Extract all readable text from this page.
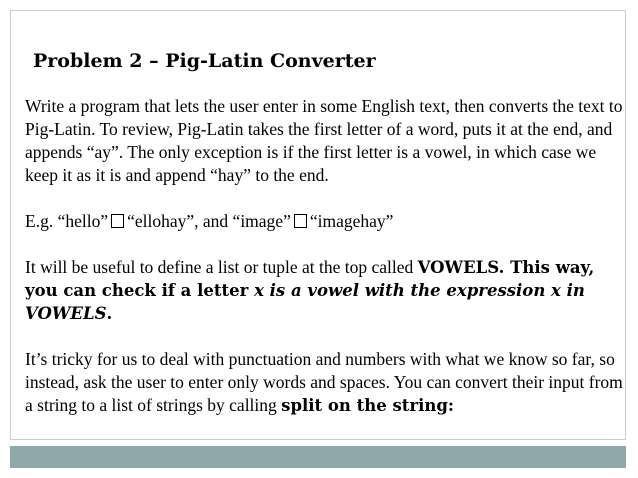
Problem 2 – Pig-Latin Converter

Write a program that lets the user enter in some English text, then converts the text to Pig-Latin. To review, Pig-Latin takes the first letter of a word, puts it at the end, and appends “ay”. The only exception is if the first letter is a vowel, in which case we keep it as it is and append “hay” to the end.

E.g. “hello” “ellohay”, and “image” “imagehay”

It will be useful to define a list or tuple at the top called VOWELS. This way, you can check if a letter x is a vowel with the expression x in VOWELS.

It’s tricky for us to deal with punctuation and numbers with what we know so far, so instead, ask the user to enter only words and spaces. You can convert their input from a string to a list of strings by calling split on the string:
